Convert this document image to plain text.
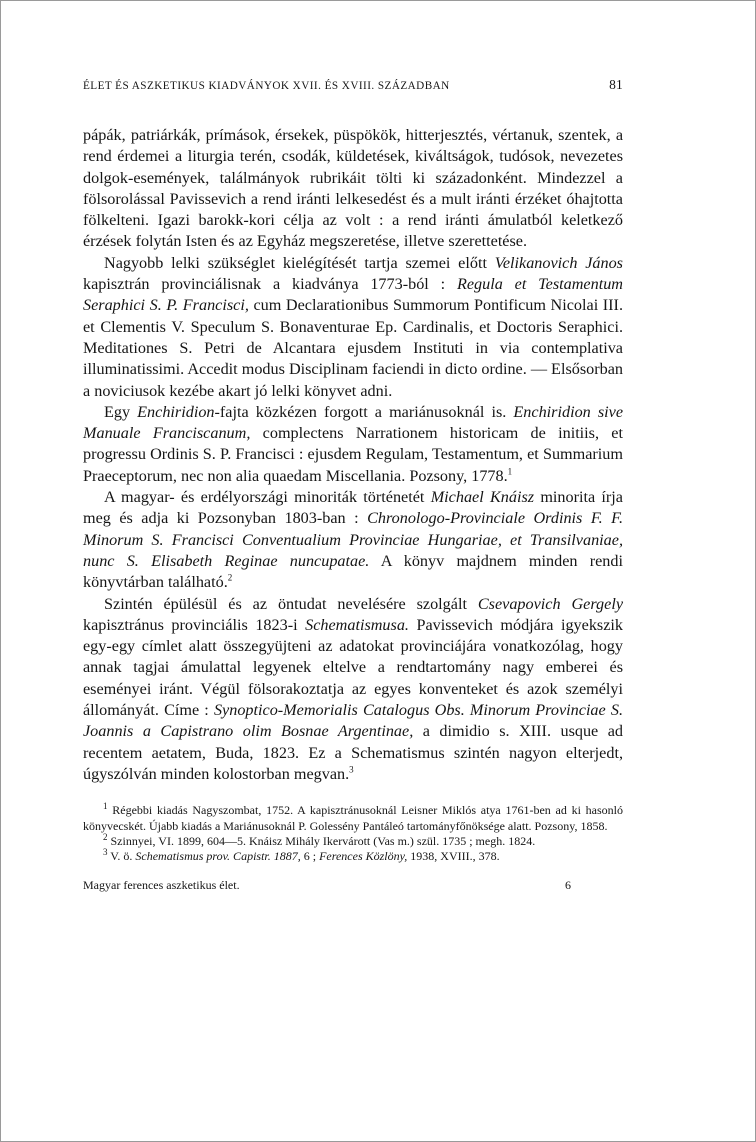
ÉLET ÉS ASZKETIKUS KIADVÁNYOK XVII. ÉS XVIII. SZÁZADBAN	81

pápák, patriárkák, prímások, érsekek, püspökök, hitterjesztés, vértanuk, szentek, a rend érdemei a liturgia terén, csodák, küldetések, kiváltságok, tudósok, nevezetes dolgok-események, találmányok rubrikáit tölti ki századonként. Mindezzel a fölsorolással Pavissevich a rend iránti lelkesedést és a mult iránti érzéket óhajtotta fölkelteni. Igazi barokk-kori célja az volt : a rend iránti ámulatból keletkező érzések folytán Isten és az Egyház megszeretése, illetve szerettetése.

Nagyobb lelki szükséglet kielégítését tartja szemei előtt Velikanovich János kapisztrán provinciálisnak a kiadványa 1773-ból : Regula et Testamentum Seraphici S. P. Francisci, cum Declarationibus Summorum Pontificum Nicolai III. et Clementis V. Speculum S. Bonaventurae Ep. Cardinalis, et Doctoris Seraphici. Meditationes S. Petri de Alcantara ejusdem Instituti in via contemplativa illuminatissimi. Accedit modus Disciplinam faciendi in dicto ordine. — Elsősorban a noviciusok kezébe akart jó lelki könyvet adni.

Egy Enchiridion-fajta közkézen forgott a mariánusoknál is. Enchiridion sive Manuale Franciscanum, complectens Narrationem historicam de initiis, et progressu Ordinis S. P. Francisci : ejusdem Regulam, Testamentum, et Summarium Praeceptorum, nec non alia quaedam Miscellania. Pozsony, 1778.$^1$

A magyar- és erdélyországi minoriták történetét Michael Knáisz minorita írja meg és adja ki Pozsonyban 1803-ban : Chronologo-Provinciale Ordinis F. F. Minorum S. Francisci Conventualium Provinciae Hungariae, et Transilvaniae, nunc S. Elisabeth Reginae nuncupatae. A könyv majdnem minden rendi könyvtárban található.$^2$

Szintén épülésül és az öntudat nevelésére szolgált Csevapovich Gergely kapisztránus provinciális 1823-i Schematismusa. Pavissevich módjára igyekszik egy-egy címlet alatt összegyüjteni az adatokat provinciájára vonatkozólag, hogy annak tagjai ámulattal legyenek eltelve a rendtartomány nagy emberei és eseményei iránt. Végül fölsorakoztatja az egyes konventeket és azok személyi állományát. Címe : Synoptico-Memorialis Catalogus Obs. Minorum Provinciae S. Joannis a Capistrano olim Bosnae Argentinae, a dimidio s. XIII. usque ad recentem aetatem, Buda, 1823. Ez a Schematismus szintén nagyon elterjedt, úgyszólván minden kolostorban megvan.$^3$

$^1$ Régebbi kiadás Nagyszombat, 1752. A kapisztránusoknál Leisner Miklós atya 1761-ben ad ki hasonló könyvecskét. Újabb kiadás a Mariánusoknál P. Golessény Pantáleó tartományfőnöksége alatt. Pozsony, 1858.

$^2$ Szinnyei, VI. 1899, 604—5. Knáisz Mihály Ikervárott (Vas m.) szül. 1735 ; megh. 1824.

$^3$ V. ö. Schematismus prov. Capistr. 1887, 6 ; Ferences Közlöny, 1938, XVIII., 378.

Magyar ferences aszketikus élet.	6
